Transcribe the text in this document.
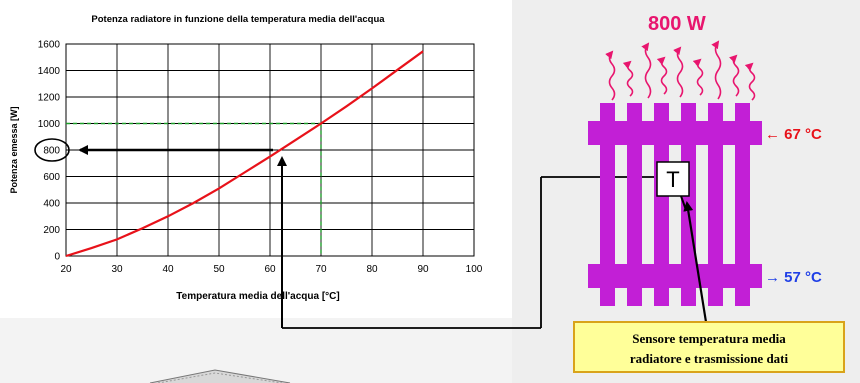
0
200
400
600
800
1000
1200
1400
1600
20	30	40	50	60	70	80	90	100
Potenza radiatore in funzione della temperatura media dell'acqua
Temperatura media dell'acqua [°C]
Potenza emessa [W]
800 W
T
← 67 °C
→ 57 °C
Sensore temperatura media
radiatore e trasmissione dati
